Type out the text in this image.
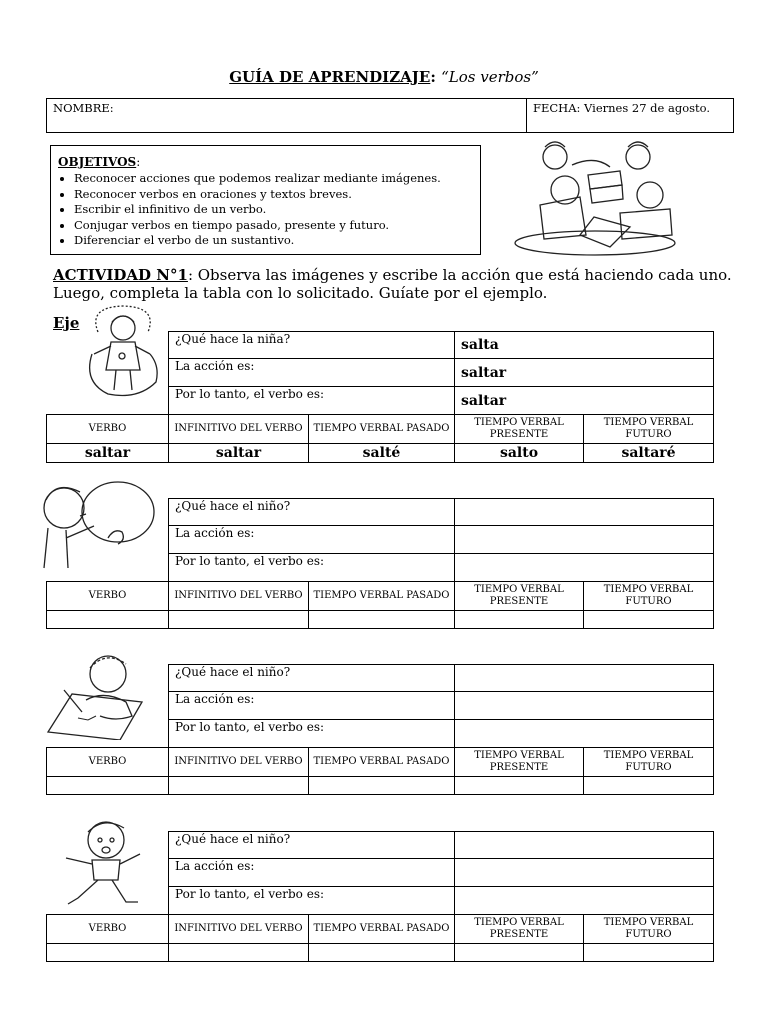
GUÍA DE APRENDIZAJE: “Los verbos”
NOMBRE:	FECHA: Viernes 27 de agosto.
OBJETIVOS:
• Reconocer acciones que podemos realizar mediante imágenes.
• Reconocer verbos en oraciones y textos breves.
• Escribir el infinitivo de un verbo.
• Conjugar verbos en tiempo pasado, presente y futuro.
• Diferenciar el verbo de un sustantivo.
ACTIVIDAD N°1: Observa las imágenes y escribe la acción que está haciendo cada uno. Luego, completa la tabla con lo solicitado. Guíate por el ejemplo.
Eje
¿Qué hace la niña?	salta
La acción es:	saltar
Por lo tanto, el verbo es:	saltar
VERBO	INFINITIVO DEL VERBO	TIEMPO VERBAL PASADO	TIEMPO VERBAL PRESENTE	TIEMPO VERBAL FUTURO
saltar	saltar	salté	salto	saltaré
¿Qué hace el niño?	
La acción es:	
Por lo tanto, el verbo es:	
VERBO	INFINITIVO DEL VERBO	TIEMPO VERBAL PASADO	TIEMPO VERBAL PRESENTE	TIEMPO VERBAL FUTURO

¿Qué hace el niño?	
La acción es:	
Por lo tanto, el verbo es:	
VERBO	INFINITIVO DEL VERBO	TIEMPO VERBAL PASADO	TIEMPO VERBAL PRESENTE	TIEMPO VERBAL FUTURO

¿Qué hace el niño?	
La acción es:	
Por lo tanto, el verbo es:	
VERBO	INFINITIVO DEL VERBO	TIEMPO VERBAL PASADO	TIEMPO VERBAL PRESENTE	TIEMPO VERBAL FUTURO
